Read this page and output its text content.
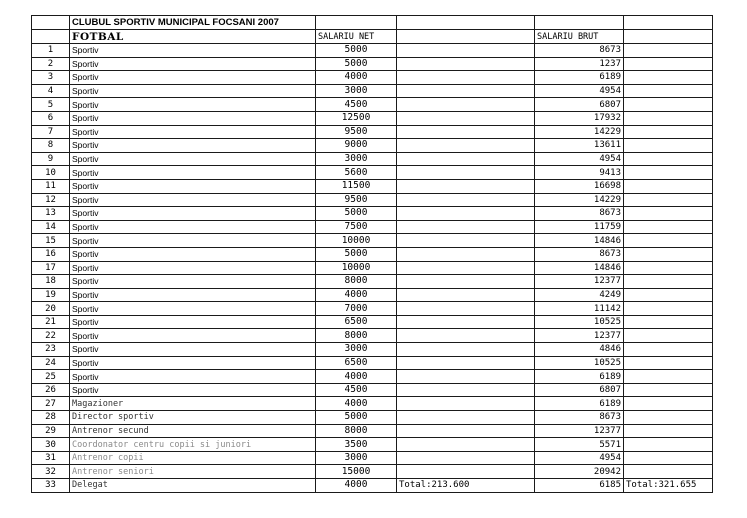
	CLUBUL SPORTIV MUNICIPAL FOCSANI 2007				
	FOTBAL	SALARIU NET		SALARIU BRUT	
1	Sportiv	5000		8673	
2	Sportiv	5000		1237	
3	Sportiv	4000		6189	
4	Sportiv	3000		4954	
5	Sportiv	4500		6807	
6	Sportiv	12500		17932	
7	Sportiv	9500		14229	
8	Sportiv	9000		13611	
9	Sportiv	3000		4954	
10	Sportiv	5600		9413	
11	Sportiv	11500		16698	
12	Sportiv	9500		14229	
13	Sportiv	5000		8673	
14	Sportiv	7500		11759	
15	Sportiv	10000		14846	
16	Sportiv	5000		8673	
17	Sportiv	10000		14846	
18	Sportiv	8000		12377	
19	Sportiv	4000		4249	
20	Sportiv	7000		11142	
21	Sportiv	6500		10525	
22	Sportiv	8000		12377	
23	Sportiv	3000		4846	
24	Sportiv	6500		10525	
25	Sportiv	4000		6189	
26	Sportiv	4500		6807	
27	Magazioner	4000		6189	
28	Director sportiv	5000		8673	
29	Antrenor secund	8000		12377	
30	Coordonator centru copii si juniori	3500		5571	
31	Antrenor copii	3000		4954	
32	Antrenor seniori	15000		20942	
33	Delegat	4000	Total:213.600	6185	Total:321.655
